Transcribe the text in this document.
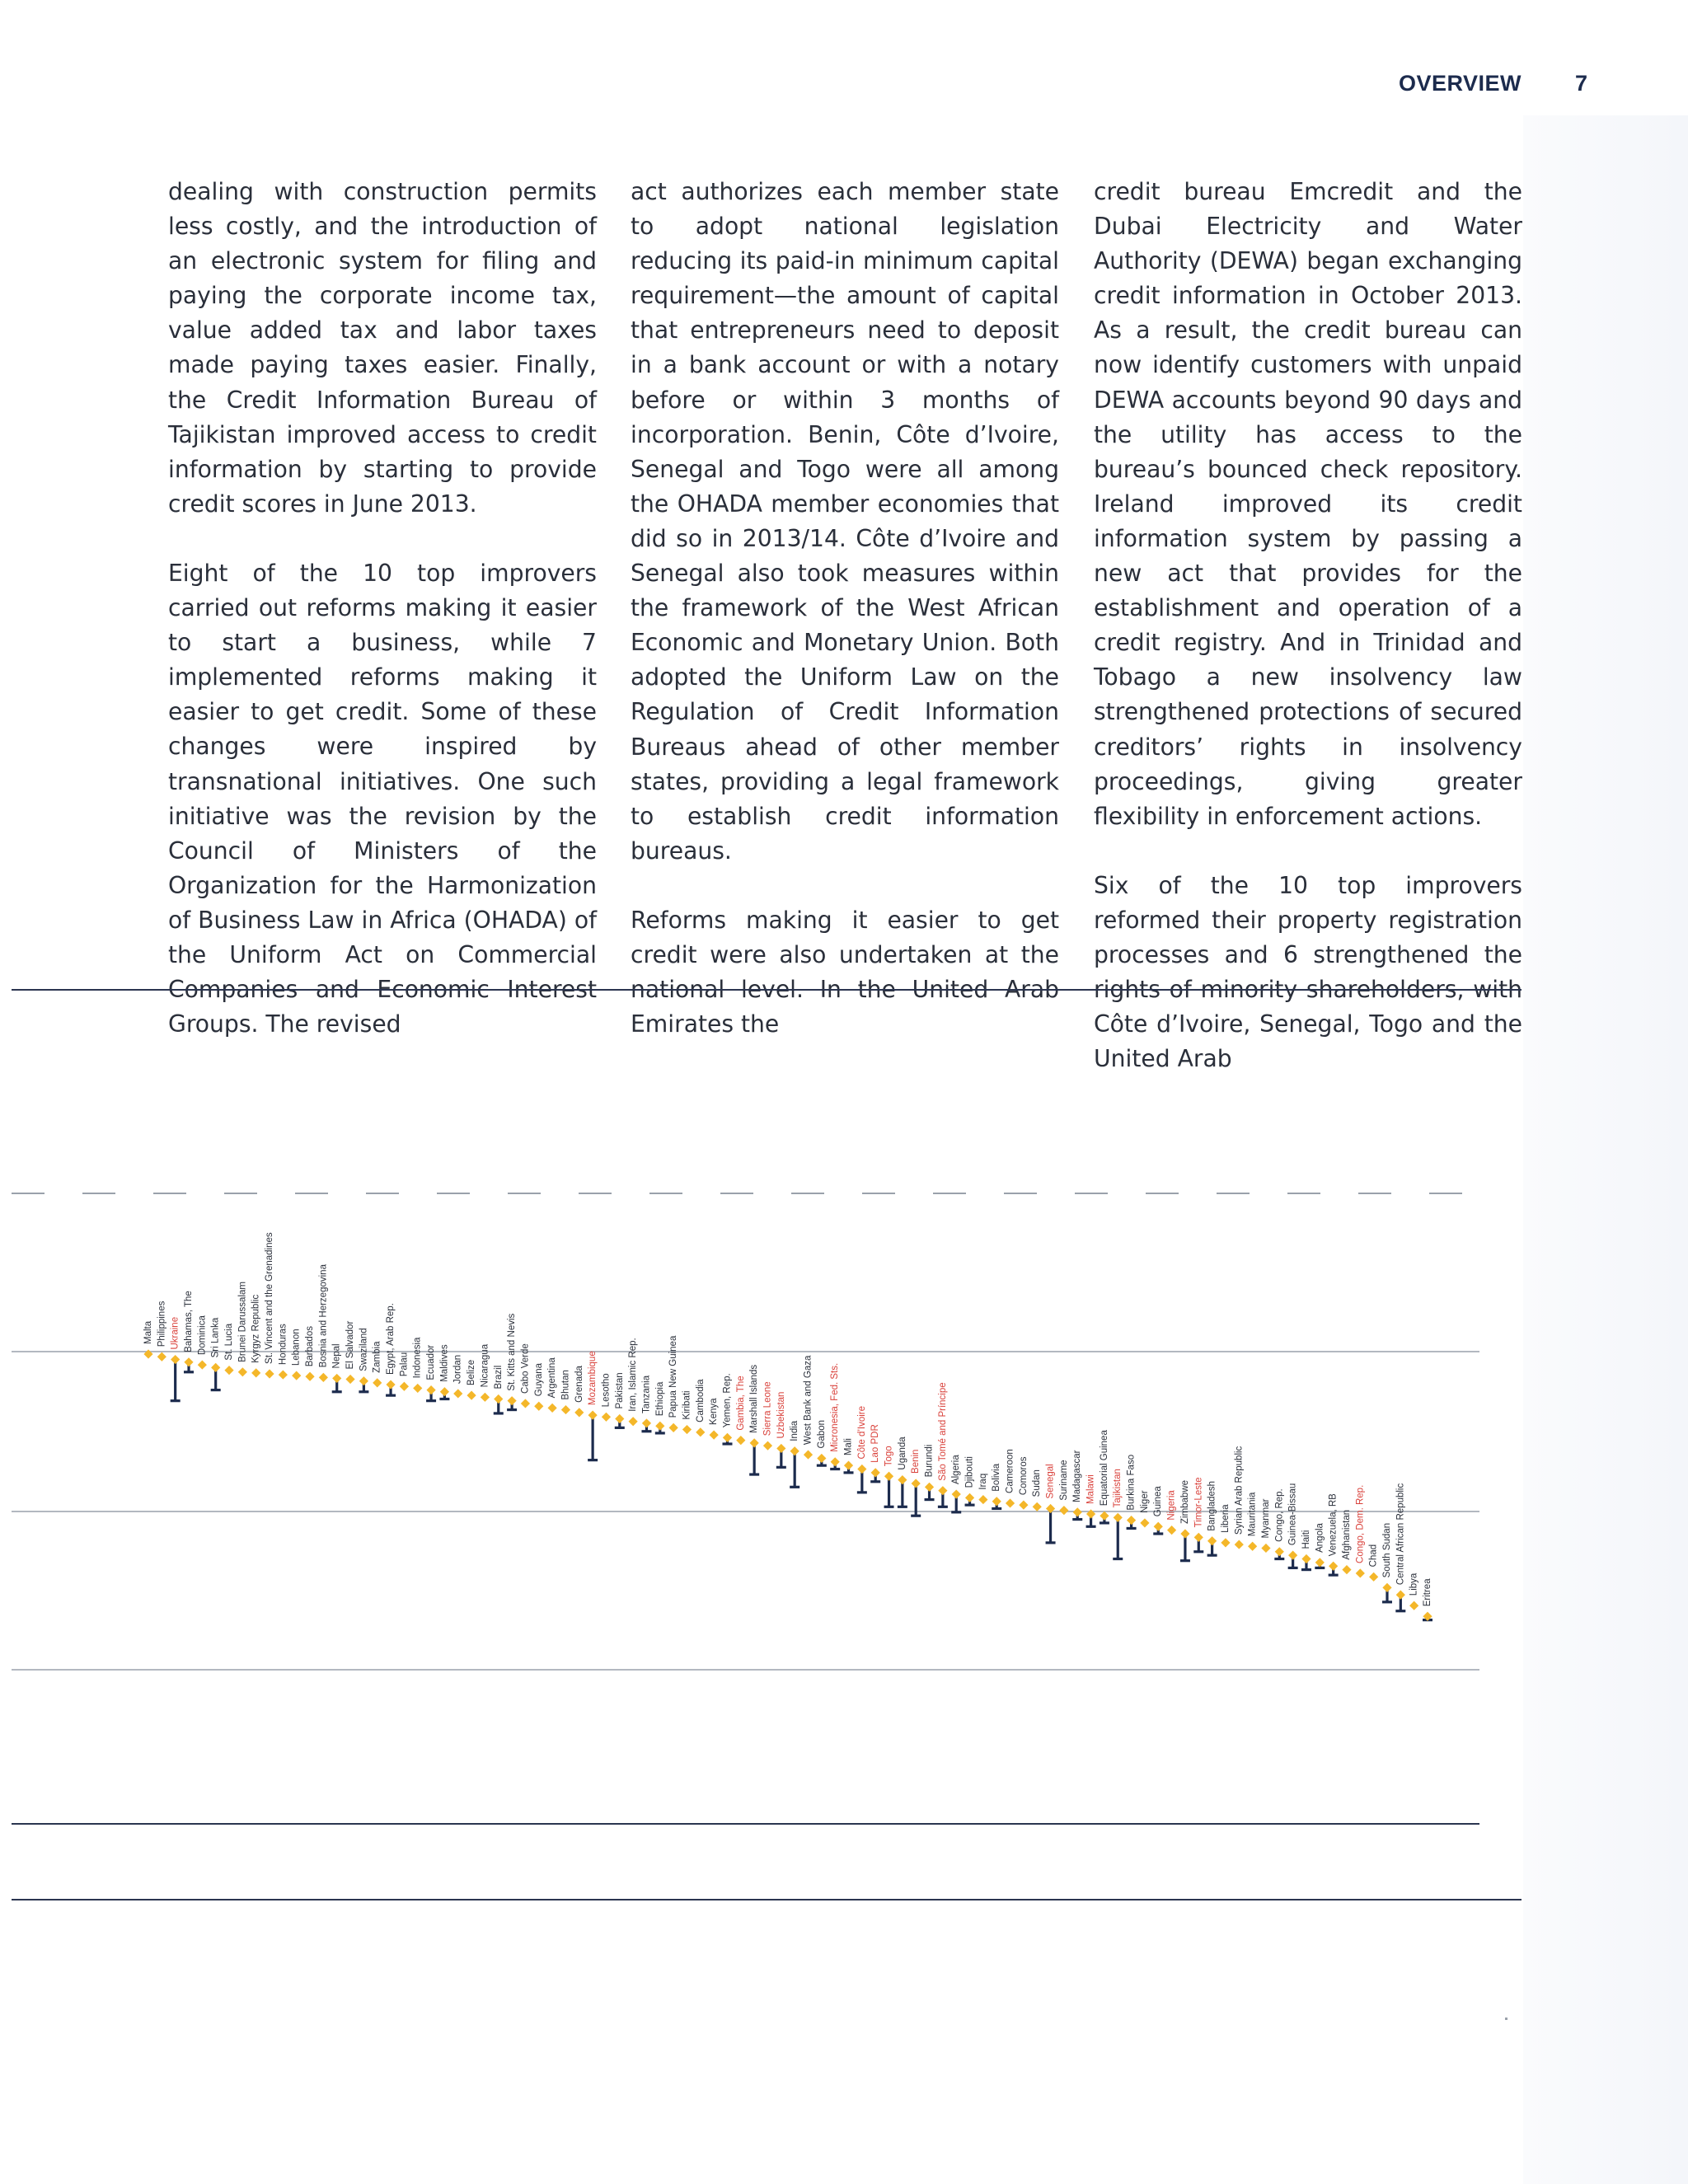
OVERVIEW 7

dealing with construction permits less costly, and the introduction of an electronic system for filing and paying the corporate income tax, value added tax and labor taxes made paying taxes easier. Finally, the Credit Information Bureau of Tajikistan improved access to credit information by starting to provide credit scores in June 2013.

Eight of the 10 top improvers carried out reforms making it easier to start a business, while 7 implemented reforms making it easier to get credit. Some of these changes were inspired by transnational initiatives. One such initiative was the revision by the Council of Ministers of the Organization for the Harmonization of Business Law in Africa (OHADA) of the Uniform Act on Commercial Companies and Economic Interest Groups. The revised

act authorizes each member state to adopt national legislation reducing its paid-in minimum capital requirement—the amount of capital that entrepreneurs need to deposit in a bank account or with a notary before or within 3 months of incorporation. Benin, Côte d’Ivoire, Senegal and Togo were all among the OHADA member economies that did so in 2013/14. Côte d’Ivoire and Senegal also took measures within the framework of the West African Economic and Monetary Union. Both adopted the Uniform Law on the Regulation of Credit Information Bureaus ahead of other member states, providing a legal framework to establish credit information bureaus.

Reforms making it easier to get credit were also undertaken at the national level. In the United Arab Emirates the

credit bureau Emcredit and the Dubai Electricity and Water Authority (DEWA) began exchanging credit information in October 2013. As a result, the credit bureau can now identify customers with unpaid DEWA accounts beyond 90 days and the utility has access to the bureau’s bounced check repository. Ireland improved its credit information system by passing a new act that provides for the establishment and operation of a credit registry. And in Trinidad and Tobago a new insolvency law strengthened protections of secured creditors’ rights in insolvency proceedings, giving greater flexibility in enforcement actions.

Six of the 10 top improvers reformed their property registration processes and 6 strengthened the rights of minority shareholders, with Côte d’Ivoire, Senegal, Togo and the United Arab

Malta Philippines Ukraine Bahamas, The Dominica Sri Lanka St. Lucia Brunei Darussalam Kyrgyz Republic St. Vincent and the Grenadines Honduras Lebanon Barbados Bosnia and Herzegovina Nepal El Salvador Swaziland Zambia Egypt, Arab Rep. Palau Indonesia Ecuador Maldives Jordan Belize Nicaragua Brazil St. Kitts and Nevis Cabo Verde Guyana Argentina Bhutan Grenada Mozambique Lesotho Pakistan Iran, Islamic Rep. Tanzania Ethiopia Papua New Guinea Kiribati Cambodia Kenya Yemen, Rep. Gambia, The Marshall Islands Sierra Leone Uzbekistan India West Bank and Gaza Gabon Micronesia, Fed. Sts. Mali Côte d’Ivoire Lao PDR Togo Uganda Benin Burundi São Tomé and Príncipe Algeria Djibouti Iraq Bolivia Cameroon Comoros Sudan Senegal Suriname Madagascar Malawi Equatorial Guinea Tajikistan Burkina Faso Niger Guinea Nigeria Zimbabwe Timor-Leste Bangladesh Liberia Syrian Arab Republic Mauritania Myanmar Congo, Rep. Guinea-Bissau Haiti Angola Venezuela, RB Afghanistan Congo, Dem. Rep. Chad South Sudan Central African Republic Libya Eritrea
